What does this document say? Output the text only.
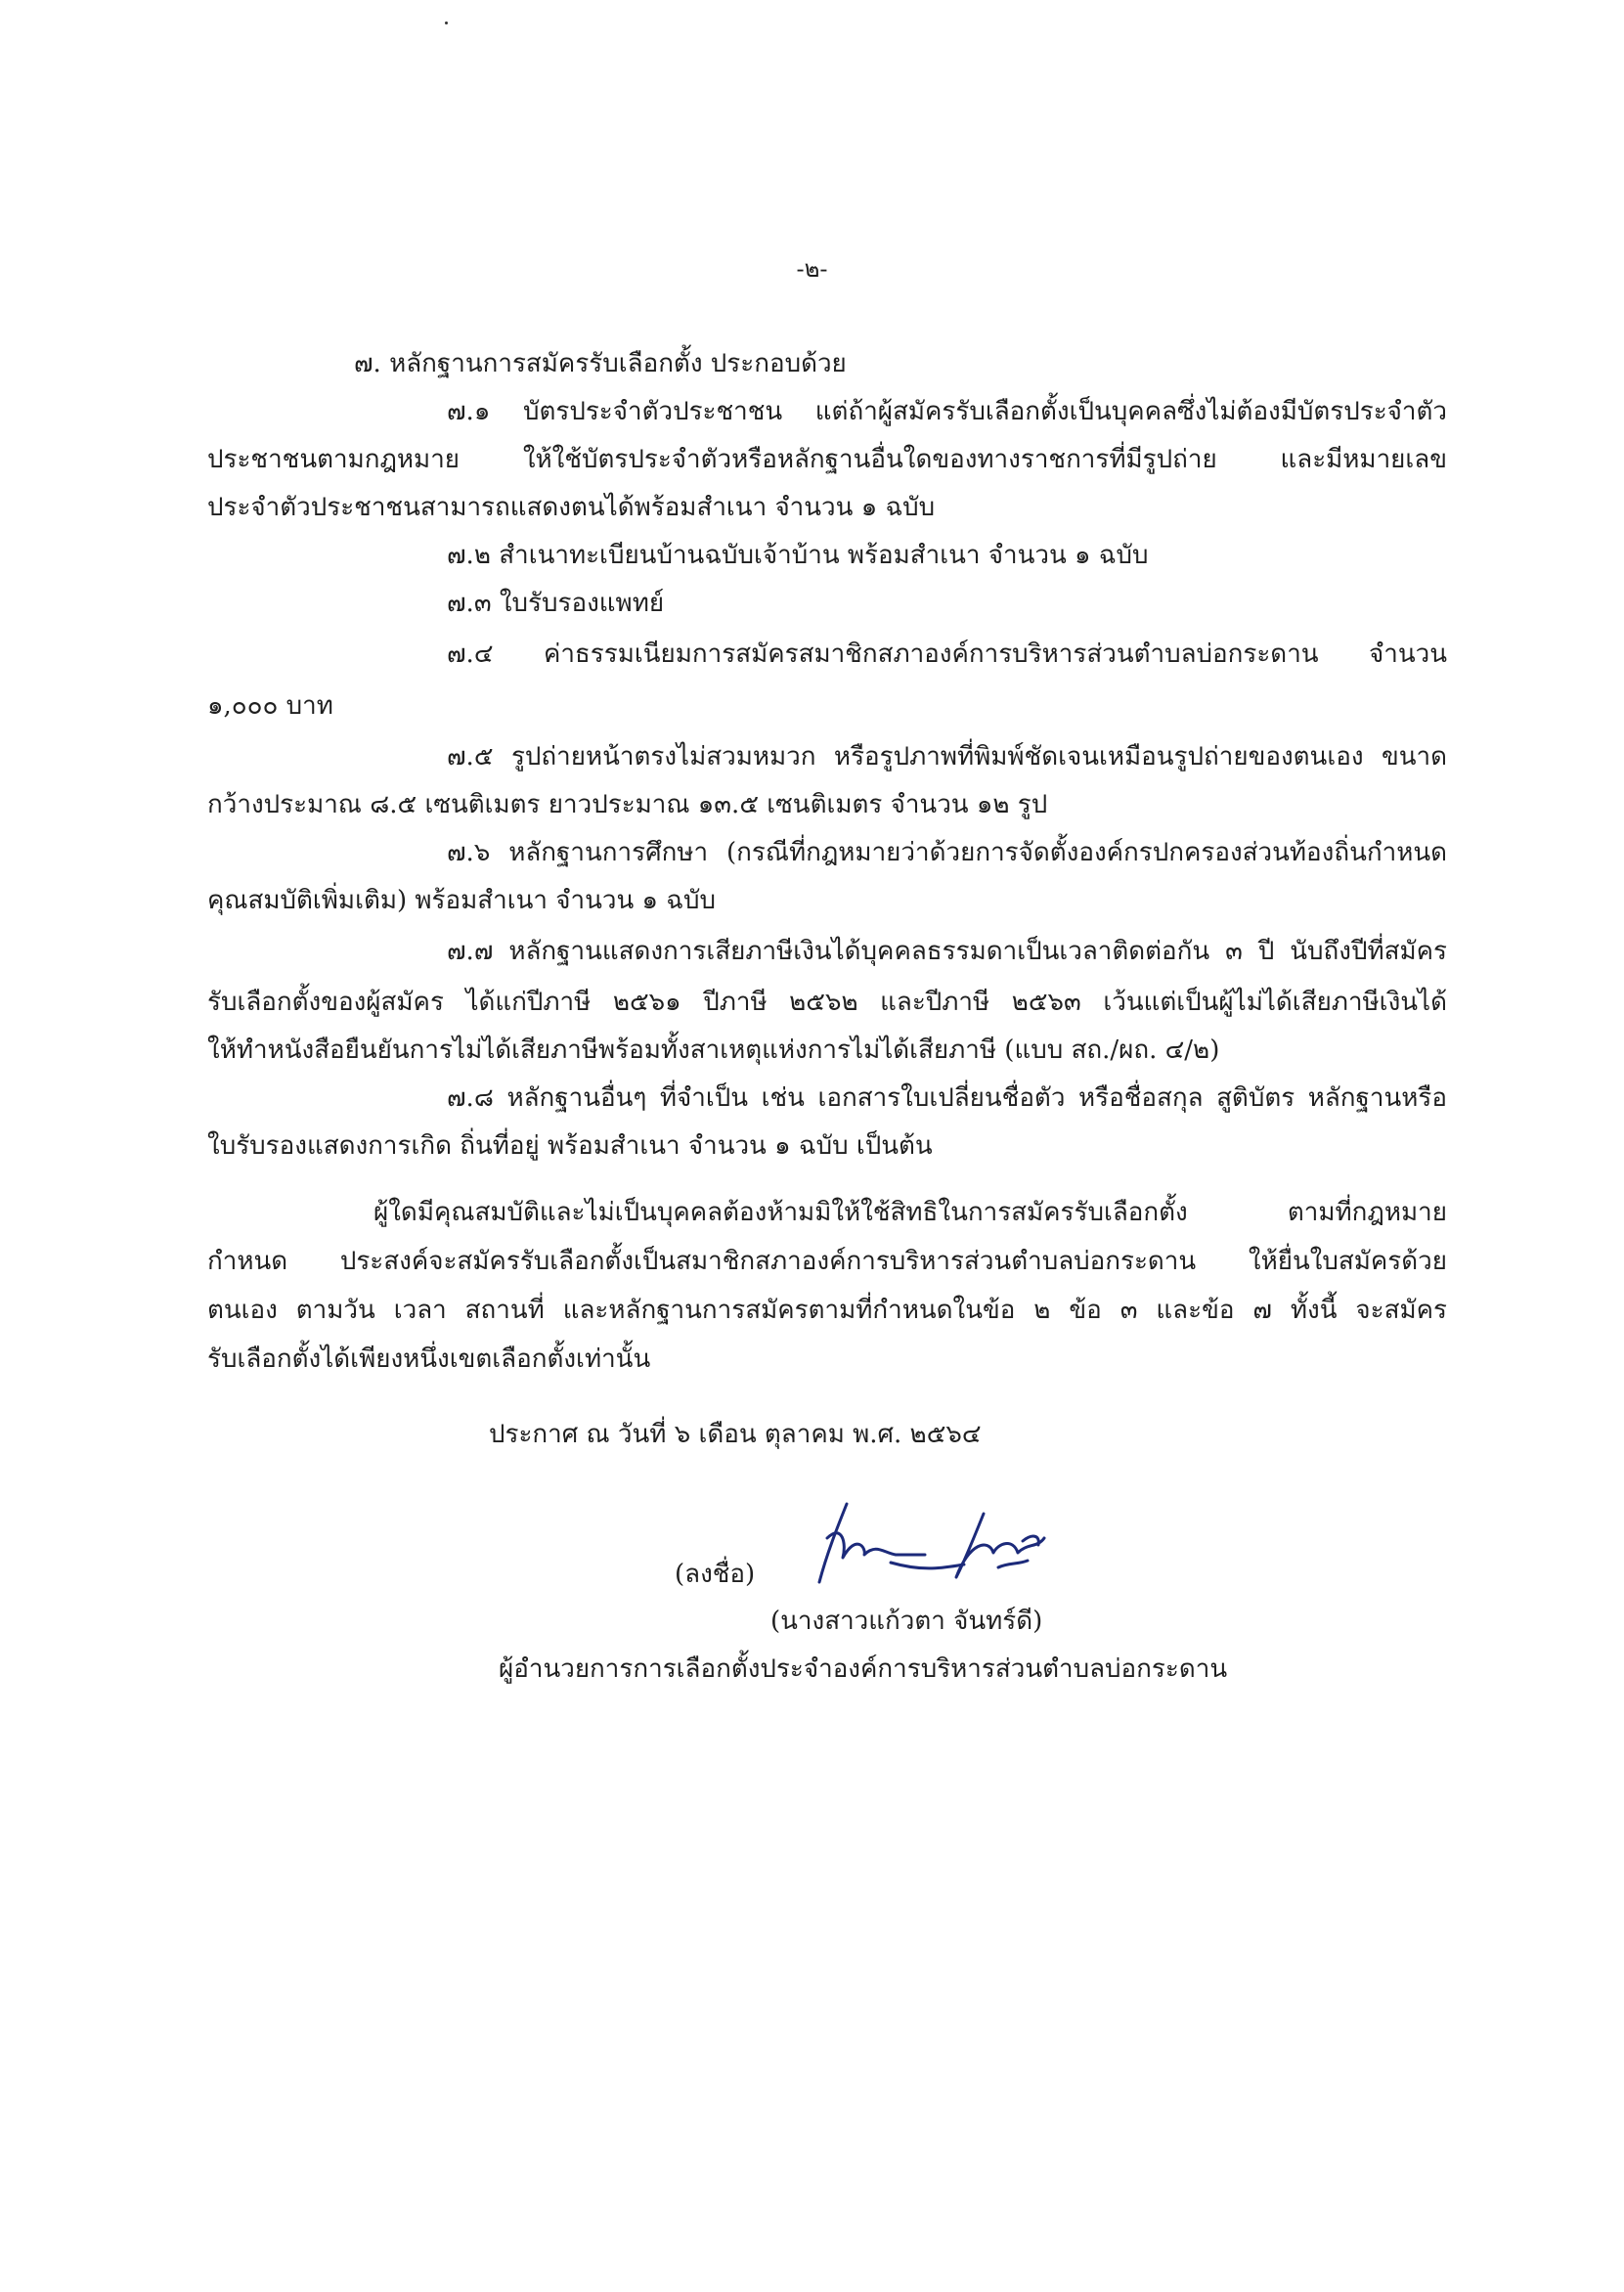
-๒-
๗. หลักฐานการสมัครรับเลือกตั้ง ประกอบด้วย
๗.๑ บัตรประจำตัวประชาชน แต่ถ้าผู้สมัครรับเลือกตั้งเป็นบุคคลซึ่งไม่ต้องมีบัตรประจำตัว
ประชาชนตามกฎหมาย ให้ใช้บัตรประจำตัวหรือหลักฐานอื่นใดของทางราชการที่มีรูปถ่าย และมีหมายเลข
ประจำตัวประชาชนสามารถแสดงตนได้พร้อมสำเนา จำนวน ๑ ฉบับ
๗.๒ สำเนาทะเบียนบ้านฉบับเจ้าบ้าน พร้อมสำเนา จำนวน ๑ ฉบับ
๗.๓ ใบรับรองแพทย์
๗.๔ ค่าธรรมเนียมการสมัครสมาชิกสภาองค์การบริหารส่วนตำบลบ่อกระดาน จำนวน
๑,๐๐๐ บาท
๗.๕ รูปถ่ายหน้าตรงไม่สวมหมวก หรือรูปภาพที่พิมพ์ชัดเจนเหมือนรูปถ่ายของตนเอง ขนาด
กว้างประมาณ ๘.๕ เซนติเมตร ยาวประมาณ ๑๓.๕ เซนติเมตร จำนวน ๑๒ รูป
๗.๖ หลักฐานการศึกษา (กรณีที่กฎหมายว่าด้วยการจัดตั้งองค์กรปกครองส่วนท้องถิ่นกำหนด
คุณสมบัติเพิ่มเติม) พร้อมสำเนา จำนวน ๑ ฉบับ
๗.๗ หลักฐานแสดงการเสียภาษีเงินได้บุคคลธรรมดาเป็นเวลาติดต่อกัน ๓ ปี นับถึงปีที่สมัคร
รับเลือกตั้งของผู้สมัคร ได้แก่ปีภาษี ๒๕๖๑ ปีภาษี ๒๕๖๒ และปีภาษี ๒๕๖๓ เว้นแต่เป็นผู้ไม่ได้เสียภาษีเงินได้
ให้ทำหนังสือยืนยันการไม่ได้เสียภาษีพร้อมทั้งสาเหตุแห่งการไม่ได้เสียภาษี (แบบ สถ./ผถ. ๔/๒)
๗.๘ หลักฐานอื่นๆ ที่จำเป็น เช่น เอกสารใบเปลี่ยนชื่อตัว หรือชื่อสกุล สูติบัตร หลักฐานหรือ
ใบรับรองแสดงการเกิด ถิ่นที่อยู่ พร้อมสำเนา จำนวน ๑ ฉบับ เป็นต้น
ผู้ใดมีคุณสมบัติและไม่เป็นบุคคลต้องห้ามมิให้ใช้สิทธิในการสมัครรับเลือกตั้ง ตามที่กฎหมาย
กำหนด ประสงค์จะสมัครรับเลือกตั้งเป็นสมาชิกสภาองค์การบริหารส่วนตำบลบ่อกระดาน ให้ยื่นใบสมัครด้วย
ตนเอง ตามวัน เวลา สถานที่ และหลักฐานการสมัครตามที่กำหนดในข้อ ๒ ข้อ ๓ และข้อ ๗ ทั้งนี้ จะสมัคร
รับเลือกตั้งได้เพียงหนึ่งเขตเลือกตั้งเท่านั้น
ประกาศ ณ วันที่ ๖ เดือน ตุลาคม พ.ศ. ๒๕๖๔
(ลงชื่อ)
(นางสาวแก้วตา จันทร์ดี)
ผู้อำนวยการการเลือกตั้งประจำองค์การบริหารส่วนตำบลบ่อกระดาน
